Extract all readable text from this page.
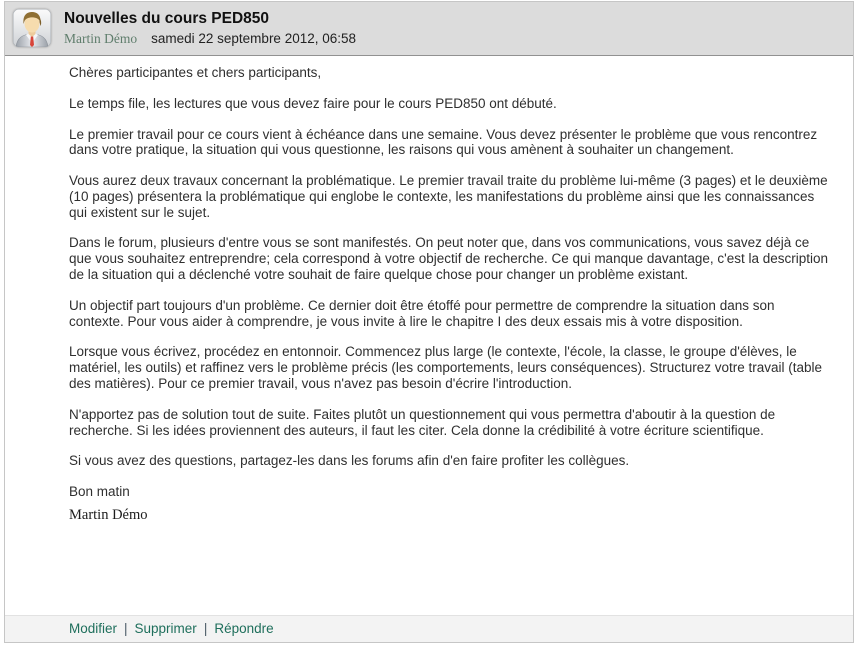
Nouvelles du cours PED850
Martin Démo samedi 22 septembre 2012, 06:58

Chères participantes et chers participants,

Le temps file, les lectures que vous devez faire pour le cours PED850 ont débuté.

Le premier travail pour ce cours vient à échéance dans une semaine. Vous devez présenter le problème que vous rencontrez dans votre pratique, la situation qui vous questionne, les raisons qui vous amènent à souhaiter un changement.

Vous aurez deux travaux concernant la problématique. Le premier travail traite du problème lui-même (3 pages) et le deuxième (10 pages) présentera la problématique qui englobe le contexte, les manifestations du problème ainsi que les connaissances qui existent sur le sujet.

Dans le forum, plusieurs d'entre vous se sont manifestés. On peut noter que, dans vos communications, vous savez déjà ce que vous souhaitez entreprendre; cela correspond à votre objectif de recherche. Ce qui manque davantage, c'est la description de la situation qui a déclenché votre souhait de faire quelque chose pour changer un problème existant.

Un objectif part toujours d'un problème. Ce dernier doit être étoffé pour permettre de comprendre la situation dans son contexte. Pour vous aider à comprendre, je vous invite à lire le chapitre I des deux essais mis à votre disposition.

Lorsque vous écrivez, procédez en entonnoir. Commencez plus large (le contexte, l'école, la classe, le groupe d'élèves, le matériel, les outils) et raffinez vers le problème précis (les comportements, leurs conséquences). Structurez votre travail (table des matières). Pour ce premier travail, vous n'avez pas besoin d'écrire l'introduction.

N'apportez pas de solution tout de suite. Faites plutôt un questionnement qui vous permettra d'aboutir à la question de recherche. Si les idées proviennent des auteurs, il faut les citer. Cela donne la crédibilité à votre écriture scientifique.

Si vous avez des questions, partagez-les dans les forums afin d'en faire profiter les collègues.

Bon matin

Martin Démo
Modifier | Supprimer | Répondre
